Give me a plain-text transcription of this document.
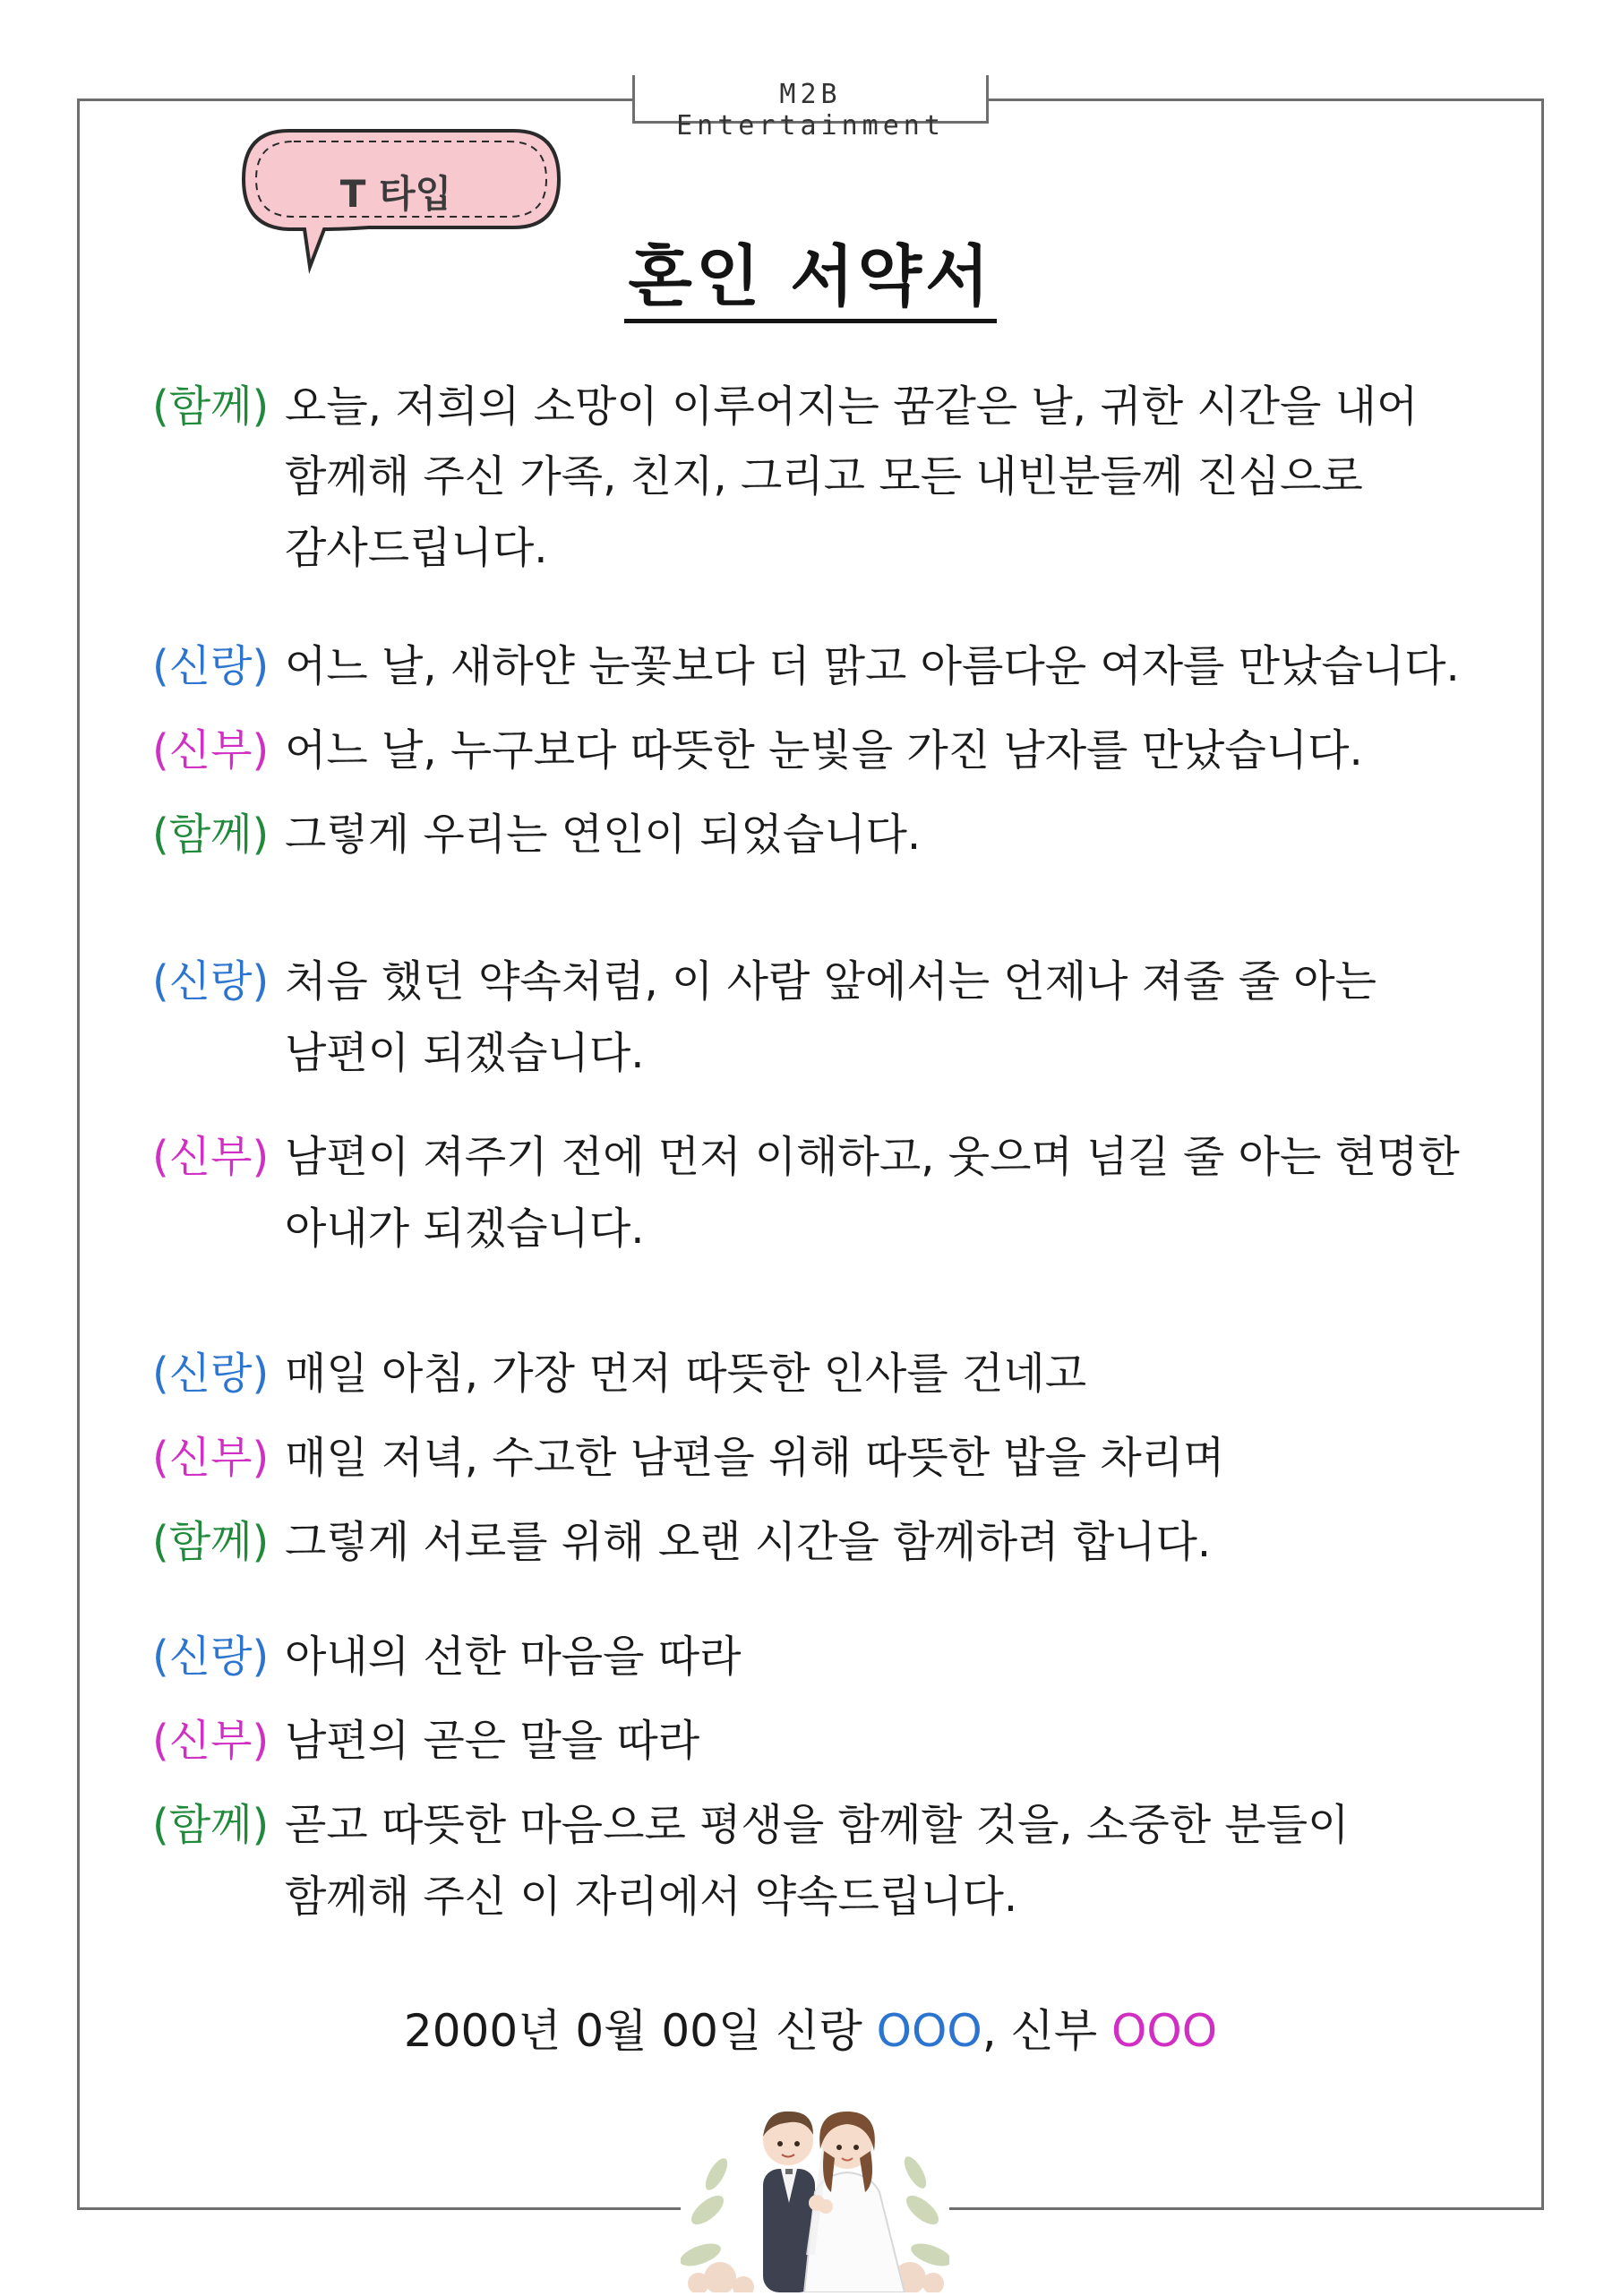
M2B Entertainment
T 타입
혼인 서약서
(함께) 오늘, 저희의 소망이 이루어지는 꿈같은 날, 귀한 시간을 내어
함께해 주신 가족, 친지, 그리고 모든 내빈분들께 진심으로
감사드립니다.
(신랑) 어느 날, 새하얀 눈꽃보다 더 맑고 아름다운 여자를 만났습니다.
(신부) 어느 날, 누구보다 따뜻한 눈빛을 가진 남자를 만났습니다.
(함께) 그렇게 우리는 연인이 되었습니다.
(신랑) 처음 했던 약속처럼, 이 사람 앞에서는 언제나 져줄 줄 아는
남편이 되겠습니다.
(신부) 남편이 져주기 전에 먼저 이해하고, 웃으며 넘길 줄 아는 현명한
아내가 되겠습니다.
(신랑) 매일 아침, 가장 먼저 따뜻한 인사를 건네고
(신부) 매일 저녁, 수고한 남편을 위해 따뜻한 밥을 차리며
(함께) 그렇게 서로를 위해 오랜 시간을 함께하려 합니다.
(신랑) 아내의 선한 마음을 따라
(신부) 남편의 곧은 말을 따라
(함께) 곧고 따뜻한 마음으로 평생을 함께할 것을, 소중한 분들이
함께해 주신 이 자리에서 약속드립니다.
2000년 0월 00일 신랑 OOO, 신부 OOO
